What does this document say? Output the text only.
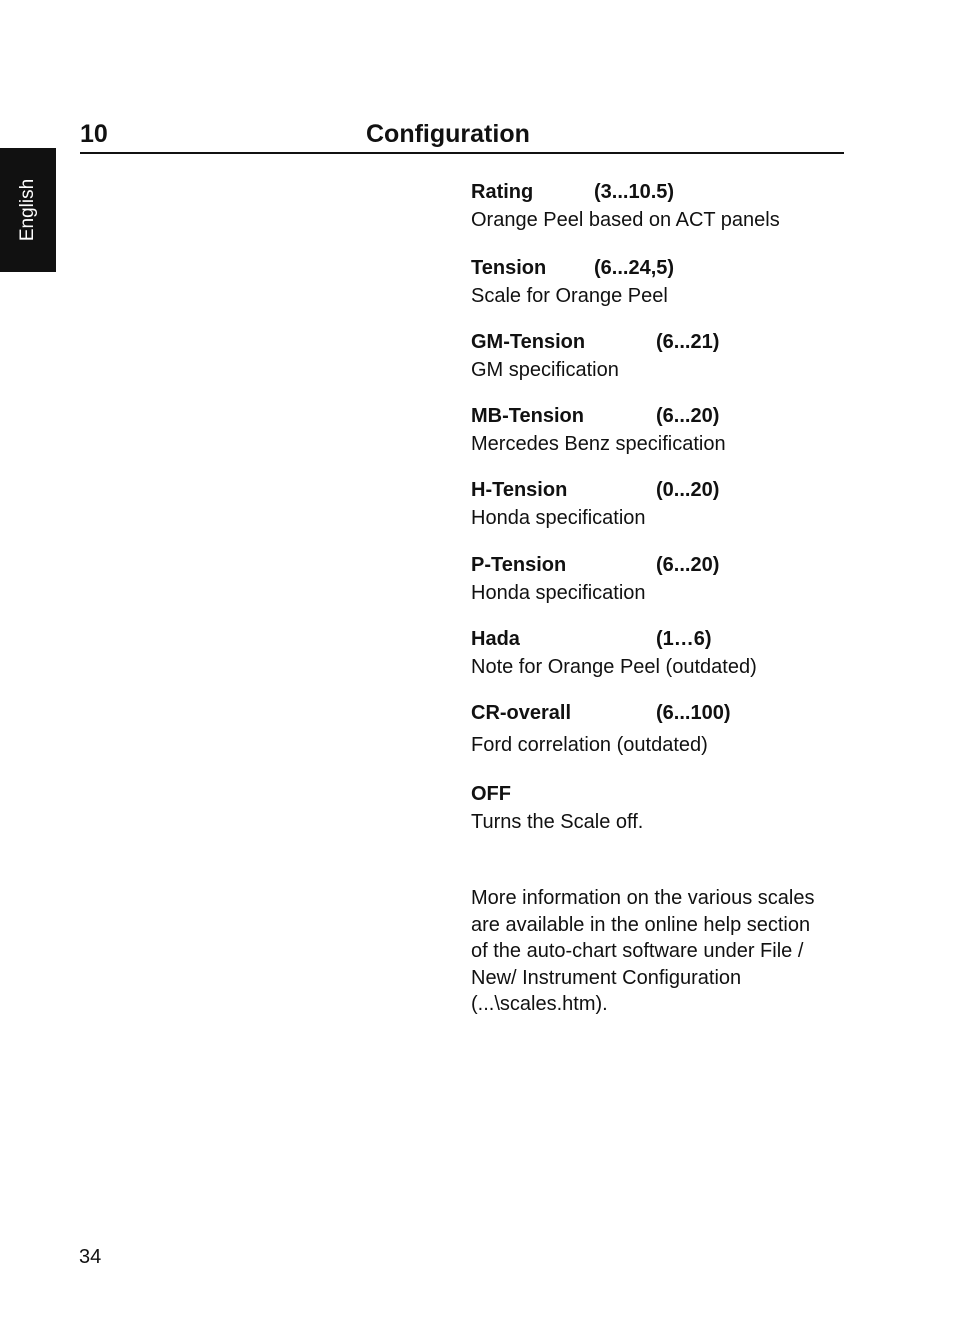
English
10	Configuration
Rating	(3...10.5)
Orange Peel based on ACT panels
Tension (6...24,5)
Scale for Orange Peel
GM-Tension	(6...21)
GM specification
MB-Tension	(6...20)
Mercedes Benz specification
H-Tension	(0...20)
Honda specification
P-Tension	(6...20)
Honda specification
Hada	(1…6)
Note for Orange Peel (outdated)
CR-overall	(6...100)
Ford correlation (outdated)
OFF
Turns the Scale off.
More information on the various scales
are available in the online help section
of the auto-chart software under File /
New/ Instrument Configuration
(...\scales.htm).
34
